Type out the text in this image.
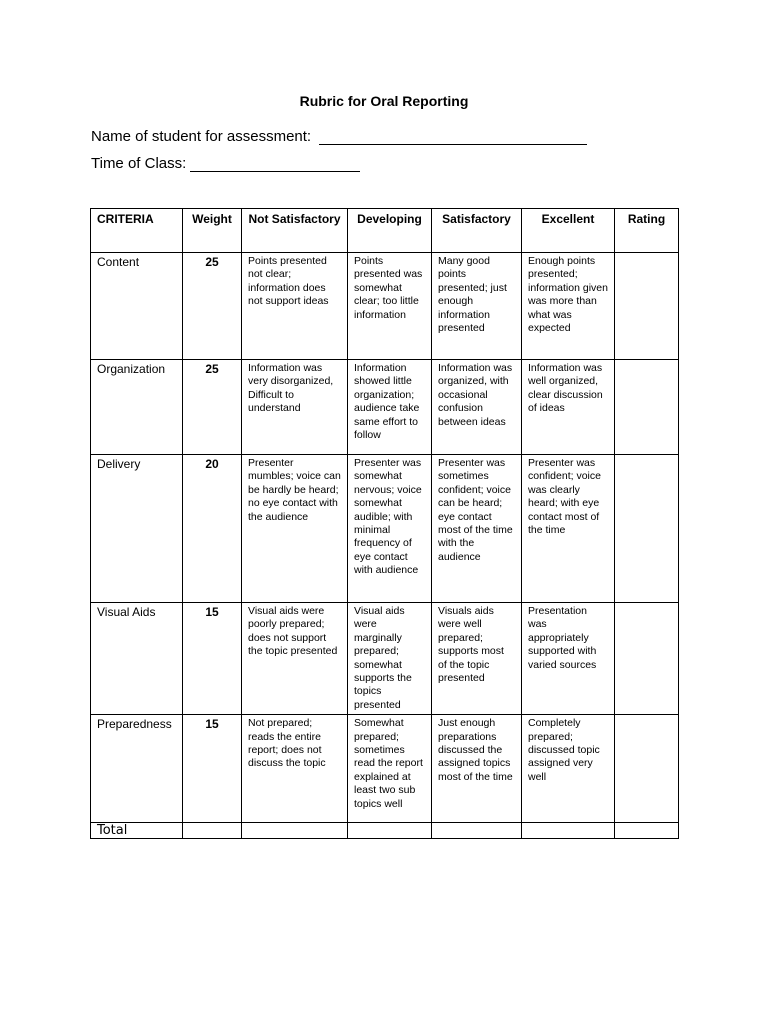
Rubric for Oral Reporting
Name of student for assessment:
Time of Class:
CRITERIA	Weight	Not Satisfactory	Developing	Satisfactory	Excellent	Rating
Content	25	Points presented not clear; information does not support ideas	Points presented was somewhat clear; too little information	Many good points presented; just enough information presented	Enough points presented; information given was more than what was expected	
Organization	25	Information was very disorganized, Difficult to understand	Information showed little organization; audience take same effort to follow	Information was organized, with occasional confusion between ideas	Information was well organized, clear discussion of ideas	
Delivery	20	Presenter mumbles; voice can be hardly be heard; no eye contact with the audience	Presenter was somewhat nervous; voice somewhat audible; with minimal frequency of eye contact with audience	Presenter was sometimes confident; voice can be heard; eye contact most of the time with the audience	Presenter was confident; voice was clearly heard; with eye contact most of the time	
Visual Aids	15	Visual aids were poorly prepared; does not support the topic presented	Visual aids were marginally prepared; somewhat supports the topics presented	Visuals aids were well prepared; supports most of the topic presented	Presentation was appropriately supported with varied sources	
Preparedness	15	Not prepared; reads the entire report; does not discuss the topic	Somewhat prepared; sometimes read the report explained at least two sub topics well	Just enough preparations discussed the assigned topics most of the time	Completely prepared; discussed topic assigned very well	
Total						
